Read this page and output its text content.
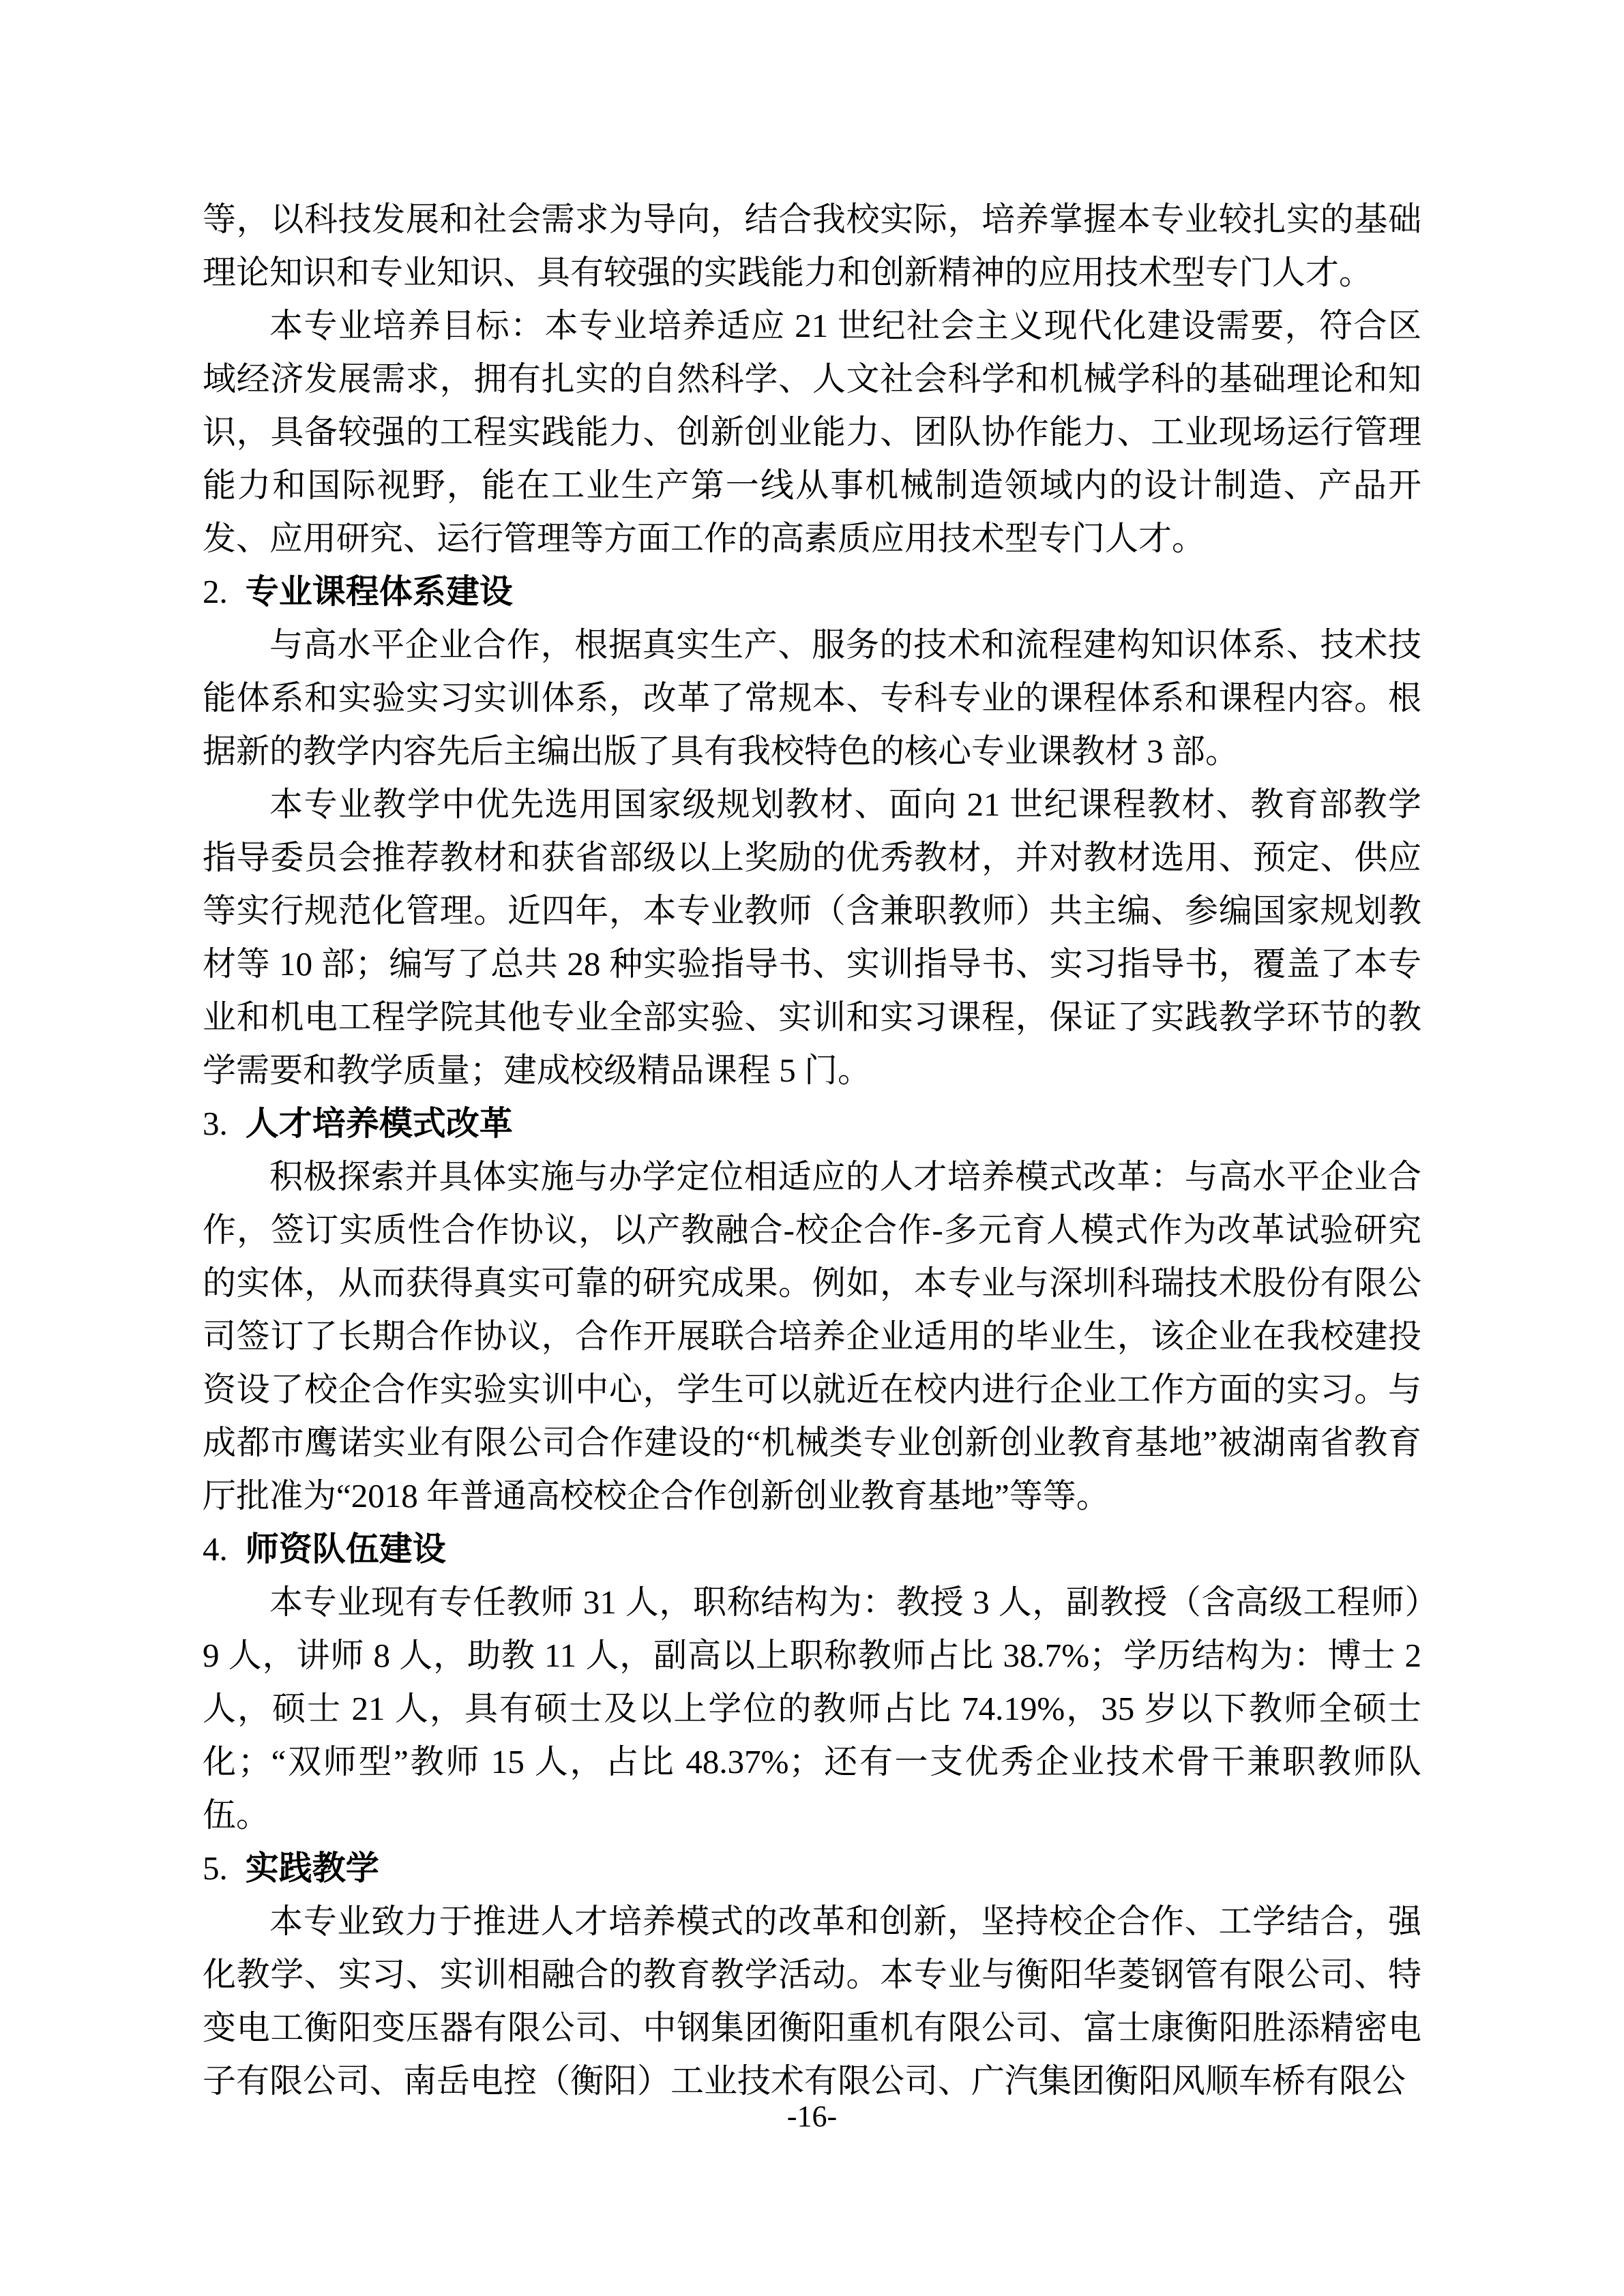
等，以科技发展和社会需求为导向，结合我校实际，培养掌握本专业较扎实的基础理论知识和专业知识、具有较强的实践能力和创新精神的应用技术型专门人才。

本专业培养目标：本专业培养适应 21 世纪社会主义现代化建设需要，符合区域经济发展需求，拥有扎实的自然科学、人文社会科学和机械学科的基础理论和知识，具备较强的工程实践能力、创新创业能力、团队协作能力、工业现场运行管理能力和国际视野，能在工业生产第一线从事机械制造领域内的设计制造、产品开发、应用研究、运行管理等方面工作的高素质应用技术型专门人才。

2. 专业课程体系建设

与高水平企业合作，根据真实生产、服务的技术和流程建构知识体系、技术技能体系和实验实习实训体系，改革了常规本、专科专业的课程体系和课程内容。根据新的教学内容先后主编出版了具有我校特色的核心专业课教材 3 部。

本专业教学中优先选用国家级规划教材、面向 21 世纪课程教材、教育部教学指导委员会推荐教材和获省部级以上奖励的优秀教材，并对教材选用、预定、供应等实行规范化管理。近四年，本专业教师（含兼职教师）共主编、参编国家规划教材等 10 部；编写了总共 28 种实验指导书、实训指导书、实习指导书，覆盖了本专业和机电工程学院其他专业全部实验、实训和实习课程，保证了实践教学环节的教学需要和教学质量；建成校级精品课程 5 门。

3. 人才培养模式改革

积极探索并具体实施与办学定位相适应的人才培养模式改革：与高水平企业合作，签订实质性合作协议，以产教融合-校企合作-多元育人模式作为改革试验研究的实体，从而获得真实可靠的研究成果。例如，本专业与深圳科瑞技术股份有限公司签订了长期合作协议，合作开展联合培养企业适用的毕业生，该企业在我校建投资设了校企合作实验实训中心，学生可以就近在校内进行企业工作方面的实习。与成都市鹰诺实业有限公司合作建设的“机械类专业创新创业教育基地”被湖南省教育厅批准为“2018 年普通高校校企合作创新创业教育基地”等等。

4. 师资队伍建设

本专业现有专任教师 31 人，职称结构为：教授 3 人，副教授（含高级工程师）9 人，讲师 8 人，助教 11 人，副高以上职称教师占比 38.7%；学历结构为：博士 2 人，硕士 21 人，具有硕士及以上学位的教师占比 74.19%，35 岁以下教师全硕士化；“双师型”教师 15 人，占比 48.37%；还有一支优秀企业技术骨干兼职教师队伍。

5. 实践教学

本专业致力于推进人才培养模式的改革和创新，坚持校企合作、工学结合，强化教学、实习、实训相融合的教育教学活动。本专业与衡阳华菱钢管有限公司、特变电工衡阳变压器有限公司、中钢集团衡阳重机有限公司、富士康衡阳胜添精密电子有限公司、南岳电控（衡阳）工业技术有限公司、广汽集团衡阳风顺车桥有限公

-16-
